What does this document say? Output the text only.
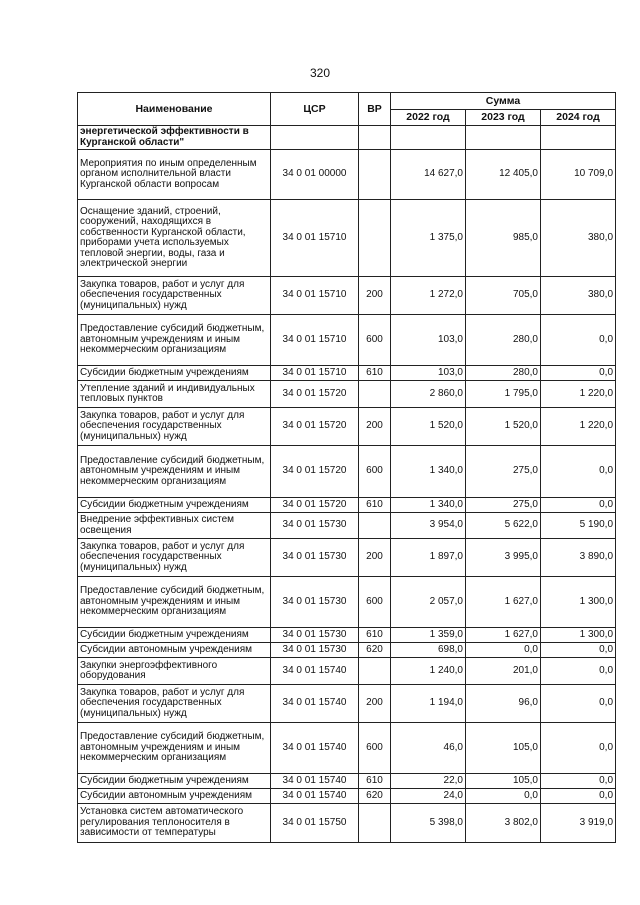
320
Наименование	ЦСР	ВР	Сумма		
			2022 год	2023 год	2024 год
энергетической эффективности в Курганской области"					
Мероприятия по иным определенным органом исполнительной власти Курганской области вопросам	34 0 01 00000		14 627,0	12 405,0	10 709,0
Оснащение зданий, строений, сооружений, находящихся в собственности Курганской области, приборами учета используемых тепловой энергии, воды, газа и электрической энергии	34 0 01 15710		1 375,0	985,0	380,0
Закупка товаров, работ и услуг для обеспечения государственных (муниципальных) нужд	34 0 01 15710	200	1 272,0	705,0	380,0
Предоставление субсидий бюджетным, автономным учреждениям и иным некоммерческим организациям	34 0 01 15710	600	103,0	280,0	0,0
Субсидии бюджетным учреждениям	34 0 01 15710	610	103,0	280,0	0,0
Утепление зданий и индивидуальных тепловых пунктов	34 0 01 15720		2 860,0	1 795,0	1 220,0
Закупка товаров, работ и услуг для обеспечения государственных (муниципальных) нужд	34 0 01 15720	200	1 520,0	1 520,0	1 220,0
Предоставление субсидий бюджетным, автономным учреждениям и иным некоммерческим организациям	34 0 01 15720	600	1 340,0	275,0	0,0
Субсидии бюджетным учреждениям	34 0 01 15720	610	1 340,0	275,0	0,0
Внедрение эффективных систем освещения	34 0 01 15730		3 954,0	5 622,0	5 190,0
Закупка товаров, работ и услуг для обеспечения государственных (муниципальных) нужд	34 0 01 15730	200	1 897,0	3 995,0	3 890,0
Предоставление субсидий бюджетным, автономным учреждениям и иным некоммерческим организациям	34 0 01 15730	600	2 057,0	1 627,0	1 300,0
Субсидии бюджетным учреждениям	34 0 01 15730	610	1 359,0	1 627,0	1 300,0
Субсидии автономным учреждениям	34 0 01 15730	620	698,0	0,0	0,0
Закупки энергоэффективного оборудования	34 0 01 15740		1 240,0	201,0	0,0
Закупка товаров, работ и услуг для обеспечения государственных (муниципальных) нужд	34 0 01 15740	200	1 194,0	96,0	0,0
Предоставление субсидий бюджетным, автономным учреждениям и иным некоммерческим организациям	34 0 01 15740	600	46,0	105,0	0,0
Субсидии бюджетным учреждениям	34 0 01 15740	610	22,0	105,0	0,0
Субсидии автономным учреждениям	34 0 01 15740	620	24,0	0,0	0,0
Установка систем автоматического регулирования теплоносителя в зависимости от температуры	34 0 01 15750		5 398,0	3 802,0	3 919,0
